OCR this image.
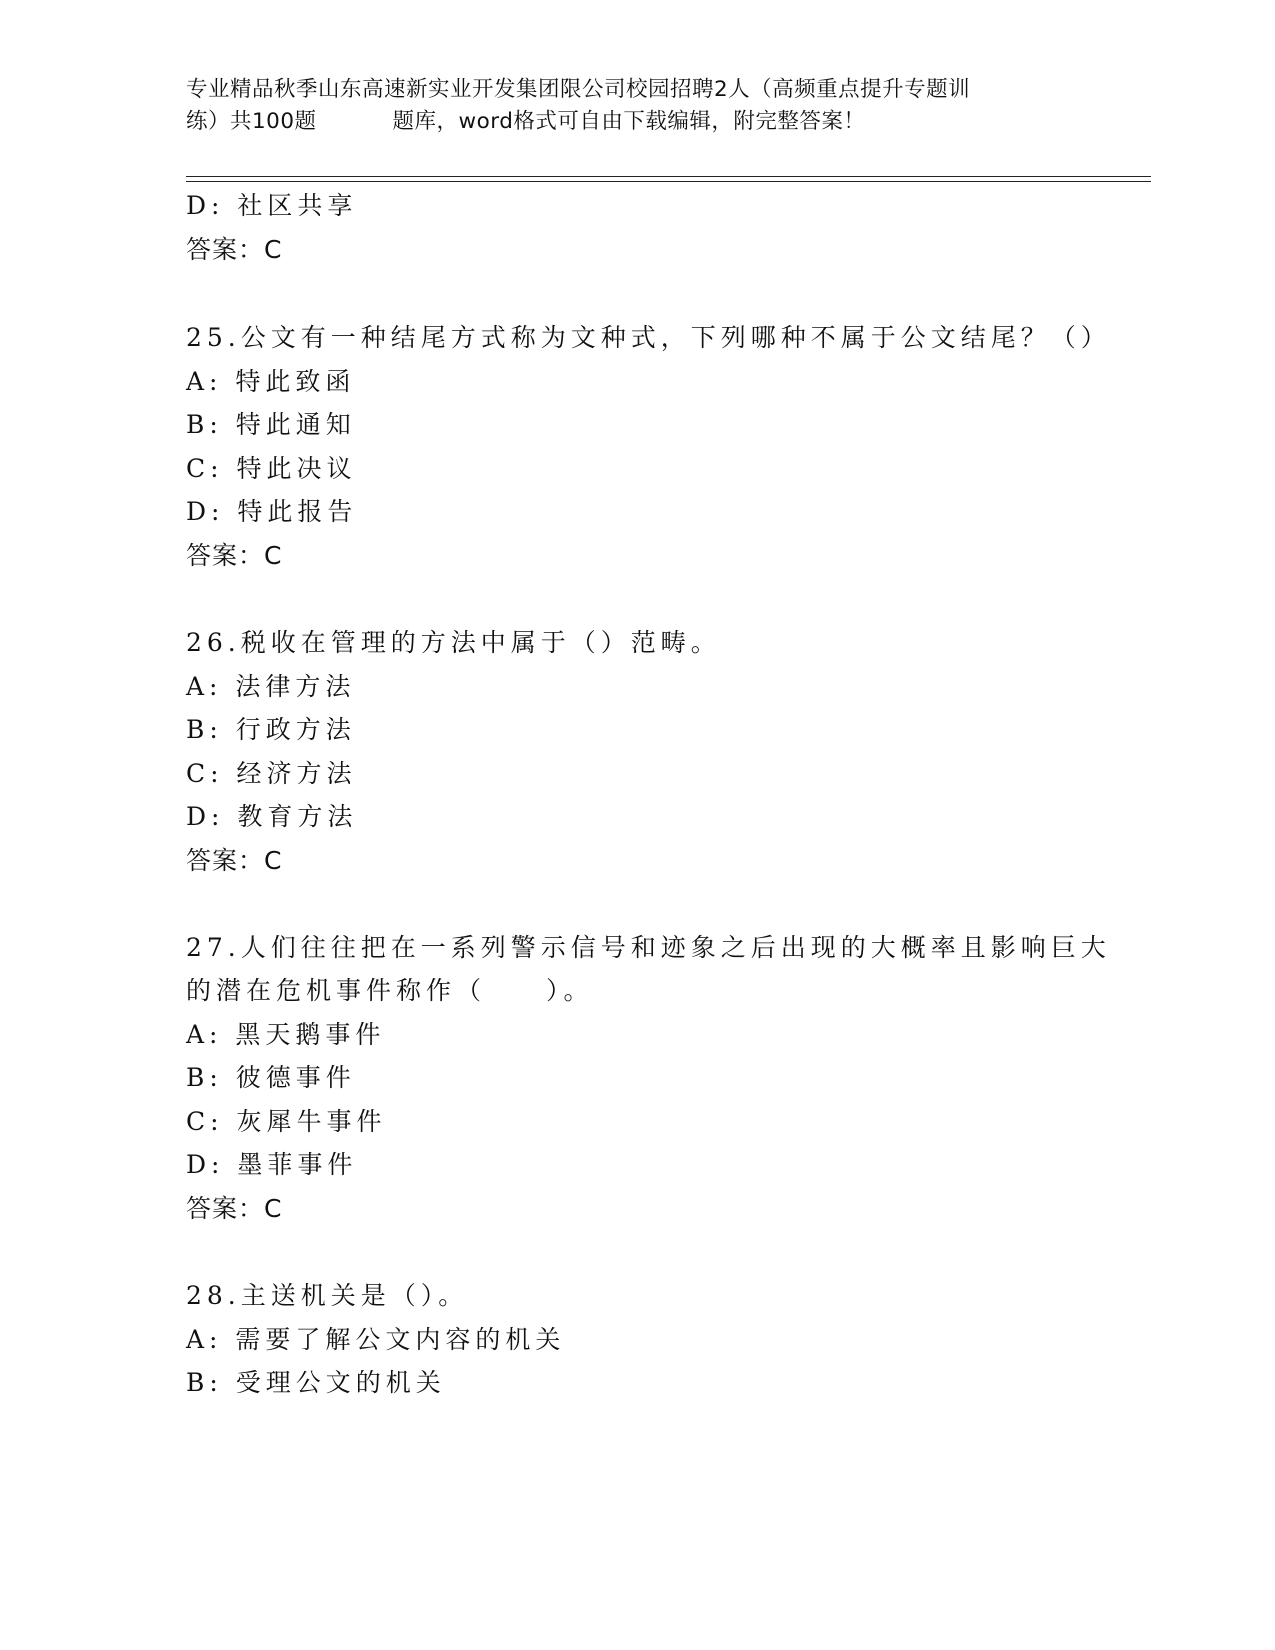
专业精品秋季山东高速新实业开发集团限公司校园招聘2人（高频重点提升专题训
练）共100题	题库，word格式可自由下载编辑，附完整答案！
D: 社区共享
答案：C
25.公文有一种结尾方式称为文种式，下列哪种不属于公文结尾？（）
A: 特此致函
B: 特此通知
C: 特此决议
D: 特此报告
答案：C
26.税收在管理的方法中属于（）范畴。
A: 法律方法
B: 行政方法
C: 经济方法
D: 教育方法
答案：C
27.人们往往把在一系列警示信号和迹象之后出现的大概率且影响巨大
的潜在危机事件称作（　　）。
A: 黑天鹅事件
B: 彼德事件
C: 灰犀牛事件
D: 墨菲事件
答案：C
28.主送机关是（）。
A: 需要了解公文内容的机关
B: 受理公文的机关
